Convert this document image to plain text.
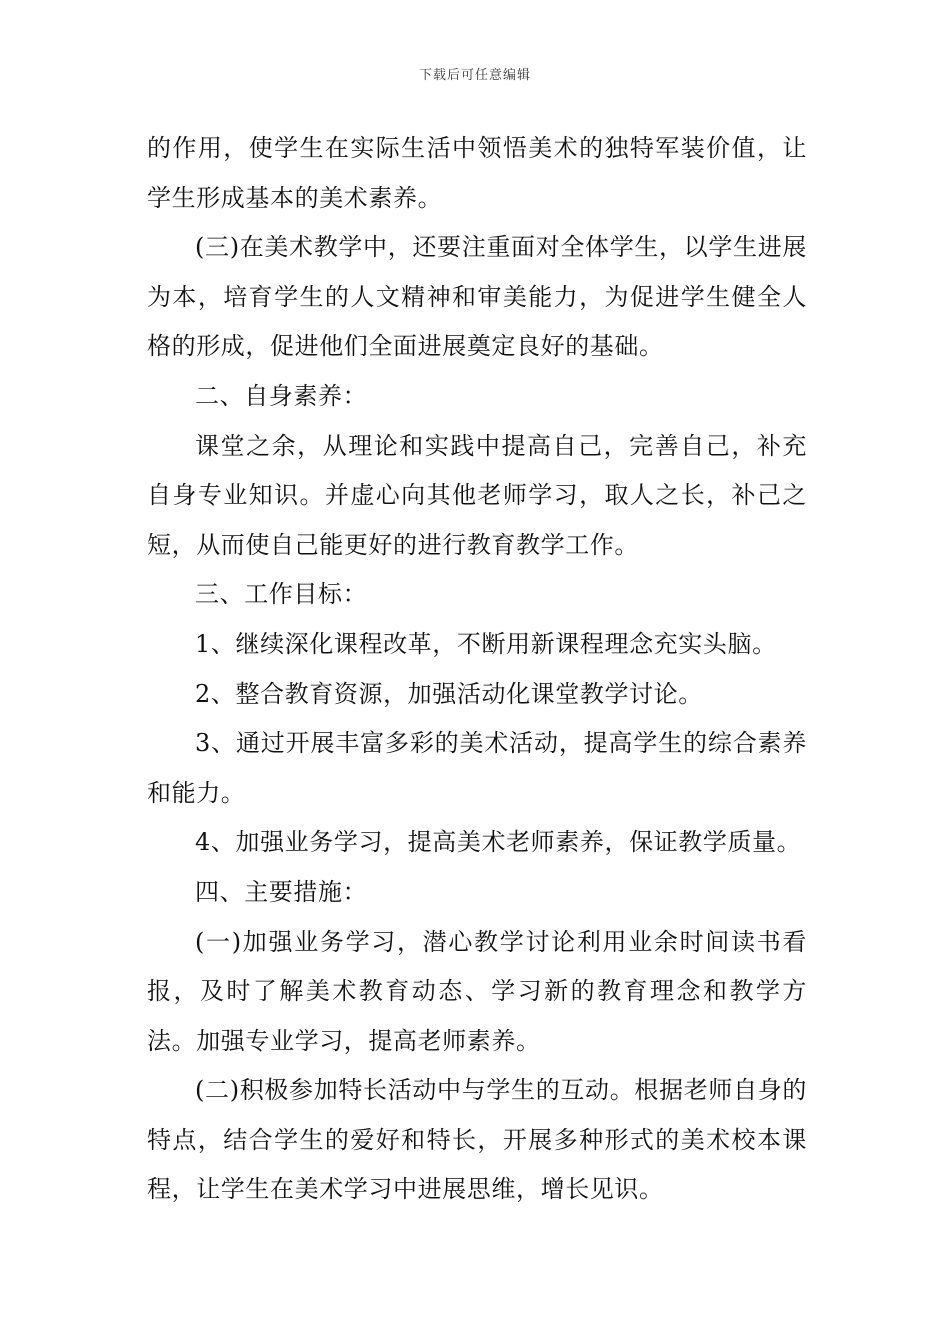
下载后可任意编辑

的作用，使学生在实际生活中领悟美术的独特军装价值，让学生形成基本的美术素养。

(三)在美术教学中，还要注重面对全体学生，以学生进展为本，培育学生的人文精神和审美能力，为促进学生健全人格的形成，促进他们全面进展奠定良好的基础。

二、自身素养：

课堂之余，从理论和实践中提高自己，完善自己，补充自身专业知识。并虚心向其他老师学习，取人之长，补己之短，从而使自己能更好的进行教育教学工作。

三、工作目标：

1、继续深化课程改革，不断用新课程理念充实头脑。

2、整合教育资源，加强活动化课堂教学讨论。

3、通过开展丰富多彩的美术活动，提高学生的综合素养和能力。

4、加强业务学习，提高美术老师素养，保证教学质量。

四、主要措施：

(一)加强业务学习，潜心教学讨论利用业余时间读书看报，及时了解美术教育动态、学习新的教育理念和教学方法。加强专业学习，提高老师素养。

(二)积极参加特长活动中与学生的互动。根据老师自身的特点，结合学生的爱好和特长，开展多种形式的美术校本课程，让学生在美术学习中进展思维，增长见识。
